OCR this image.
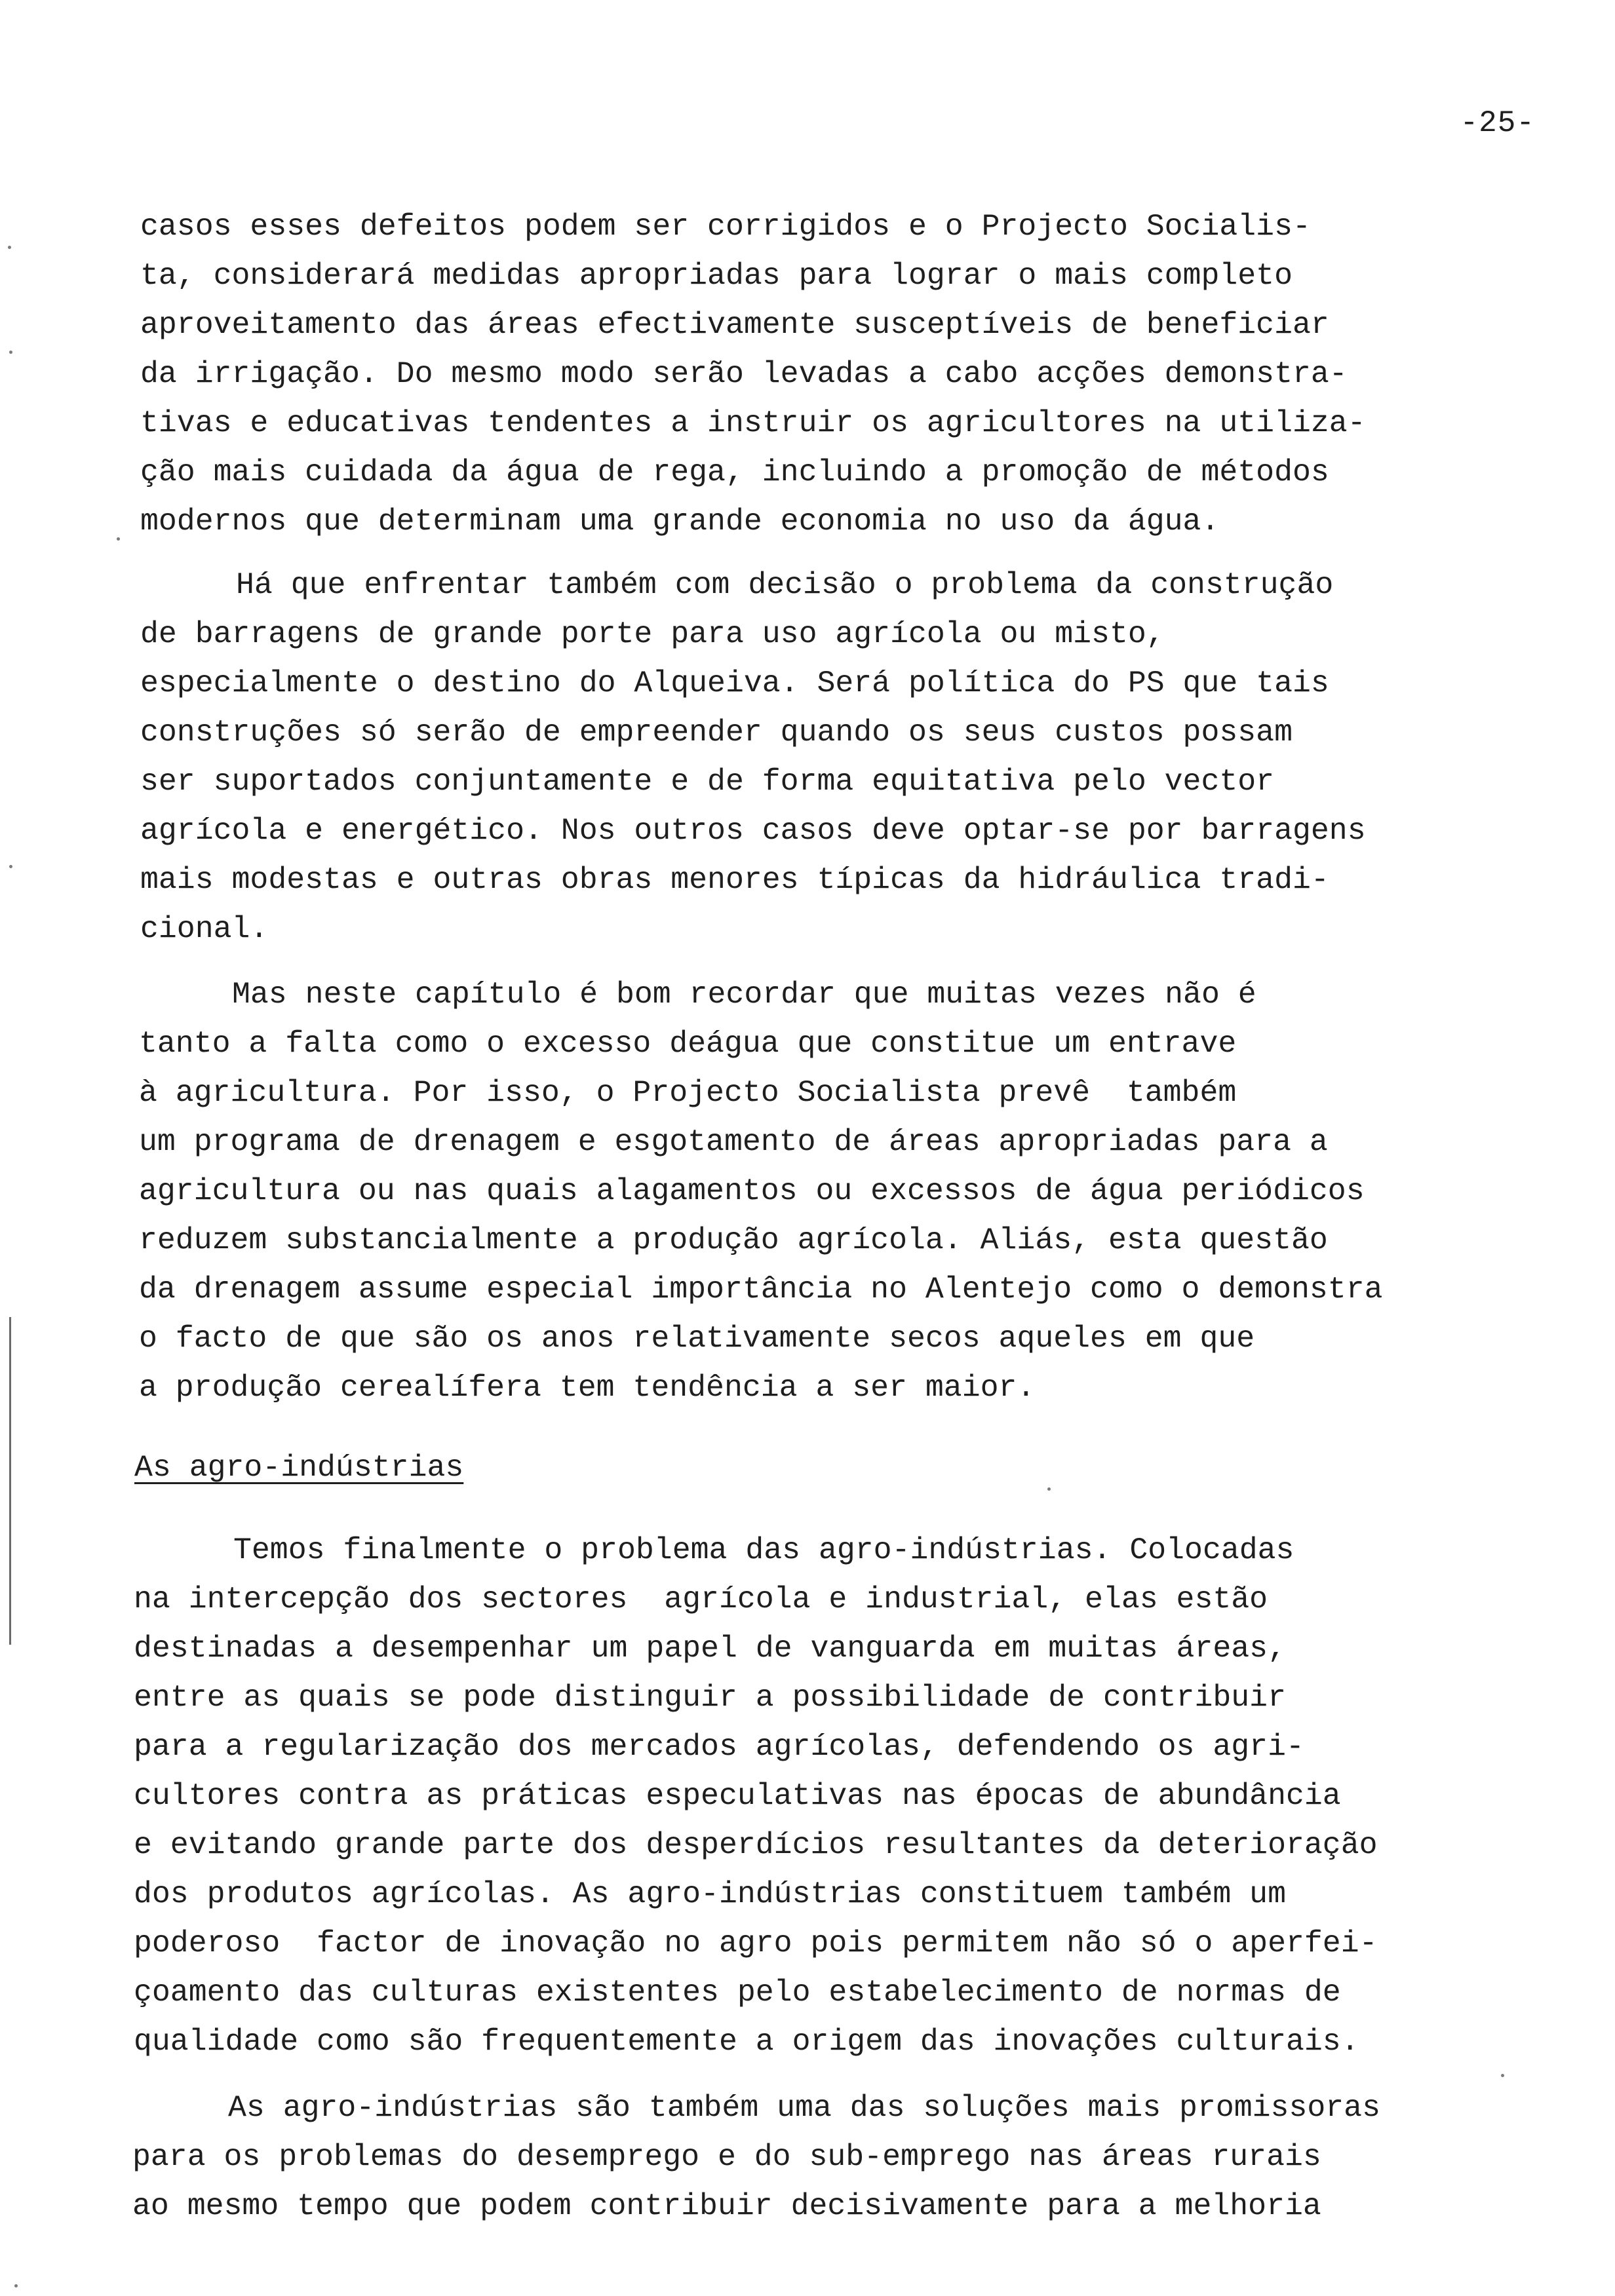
-25-
casos esses defeitos podem ser corrigidos e o Projecto Socialis-
ta, considerará medidas apropriadas para lograr o mais completo
aproveitamento das áreas efectivamente susceptíveis de beneficiar
da irrigação. Do mesmo modo serão levadas a cabo acções demonstra-
tivas e educativas tendentes a instruir os agricultores na utiliza-
ção mais cuidada da água de rega, incluindo a promoção de métodos
modernos que determinam uma grande economia no uso da água.
Há que enfrentar também com decisão o problema da construção
de barragens de grande porte para uso agrícola ou misto,
especialmente o destino do Alqueiva. Será política do PS que tais
construções só serão de empreender quando os seus custos possam
ser suportados conjuntamente e de forma equitativa pelo vector
agrícola e energético. Nos outros casos deve optar-se por barragens
mais modestas e outras obras menores típicas da hidráulica tradi-
cional.
Mas neste capítulo é bom recordar que muitas vezes não é
tanto a falta como o excesso deágua que constitue um entrave
à agricultura. Por isso, o Projecto Socialista prevê  também
um programa de drenagem e esgotamento de áreas apropriadas para a
agricultura ou nas quais alagamentos ou excessos de água periódicos
reduzem substancialmente a produção agrícola. Aliás, esta questão
da drenagem assume especial importância no Alentejo como o demonstra
o facto de que são os anos relativamente secos aqueles em que
a produção cerealífera tem tendência a ser maior.
As agro-indústrias
Temos finalmente o problema das agro-indústrias. Colocadas
na intercepção dos sectores  agrícola e industrial, elas estão
destinadas a desempenhar um papel de vanguarda em muitas áreas,
entre as quais se pode distinguir a possibilidade de contribuir
para a regularização dos mercados agrícolas, defendendo os agri-
cultores contra as práticas especulativas nas épocas de abundância
e evitando grande parte dos desperdícios resultantes da deterioração
dos produtos agrícolas. As agro-indústrias constituem também um
poderoso  factor de inovação no agro pois permitem não só o aperfei-
çoamento das culturas existentes pelo estabelecimento de normas de
qualidade como são frequentemente a origem das inovações culturais.
As agro-indústrias são também uma das soluções mais promissoras
para os problemas do desemprego e do sub-emprego nas áreas rurais
ao mesmo tempo que podem contribuir decisivamente para a melhoria
